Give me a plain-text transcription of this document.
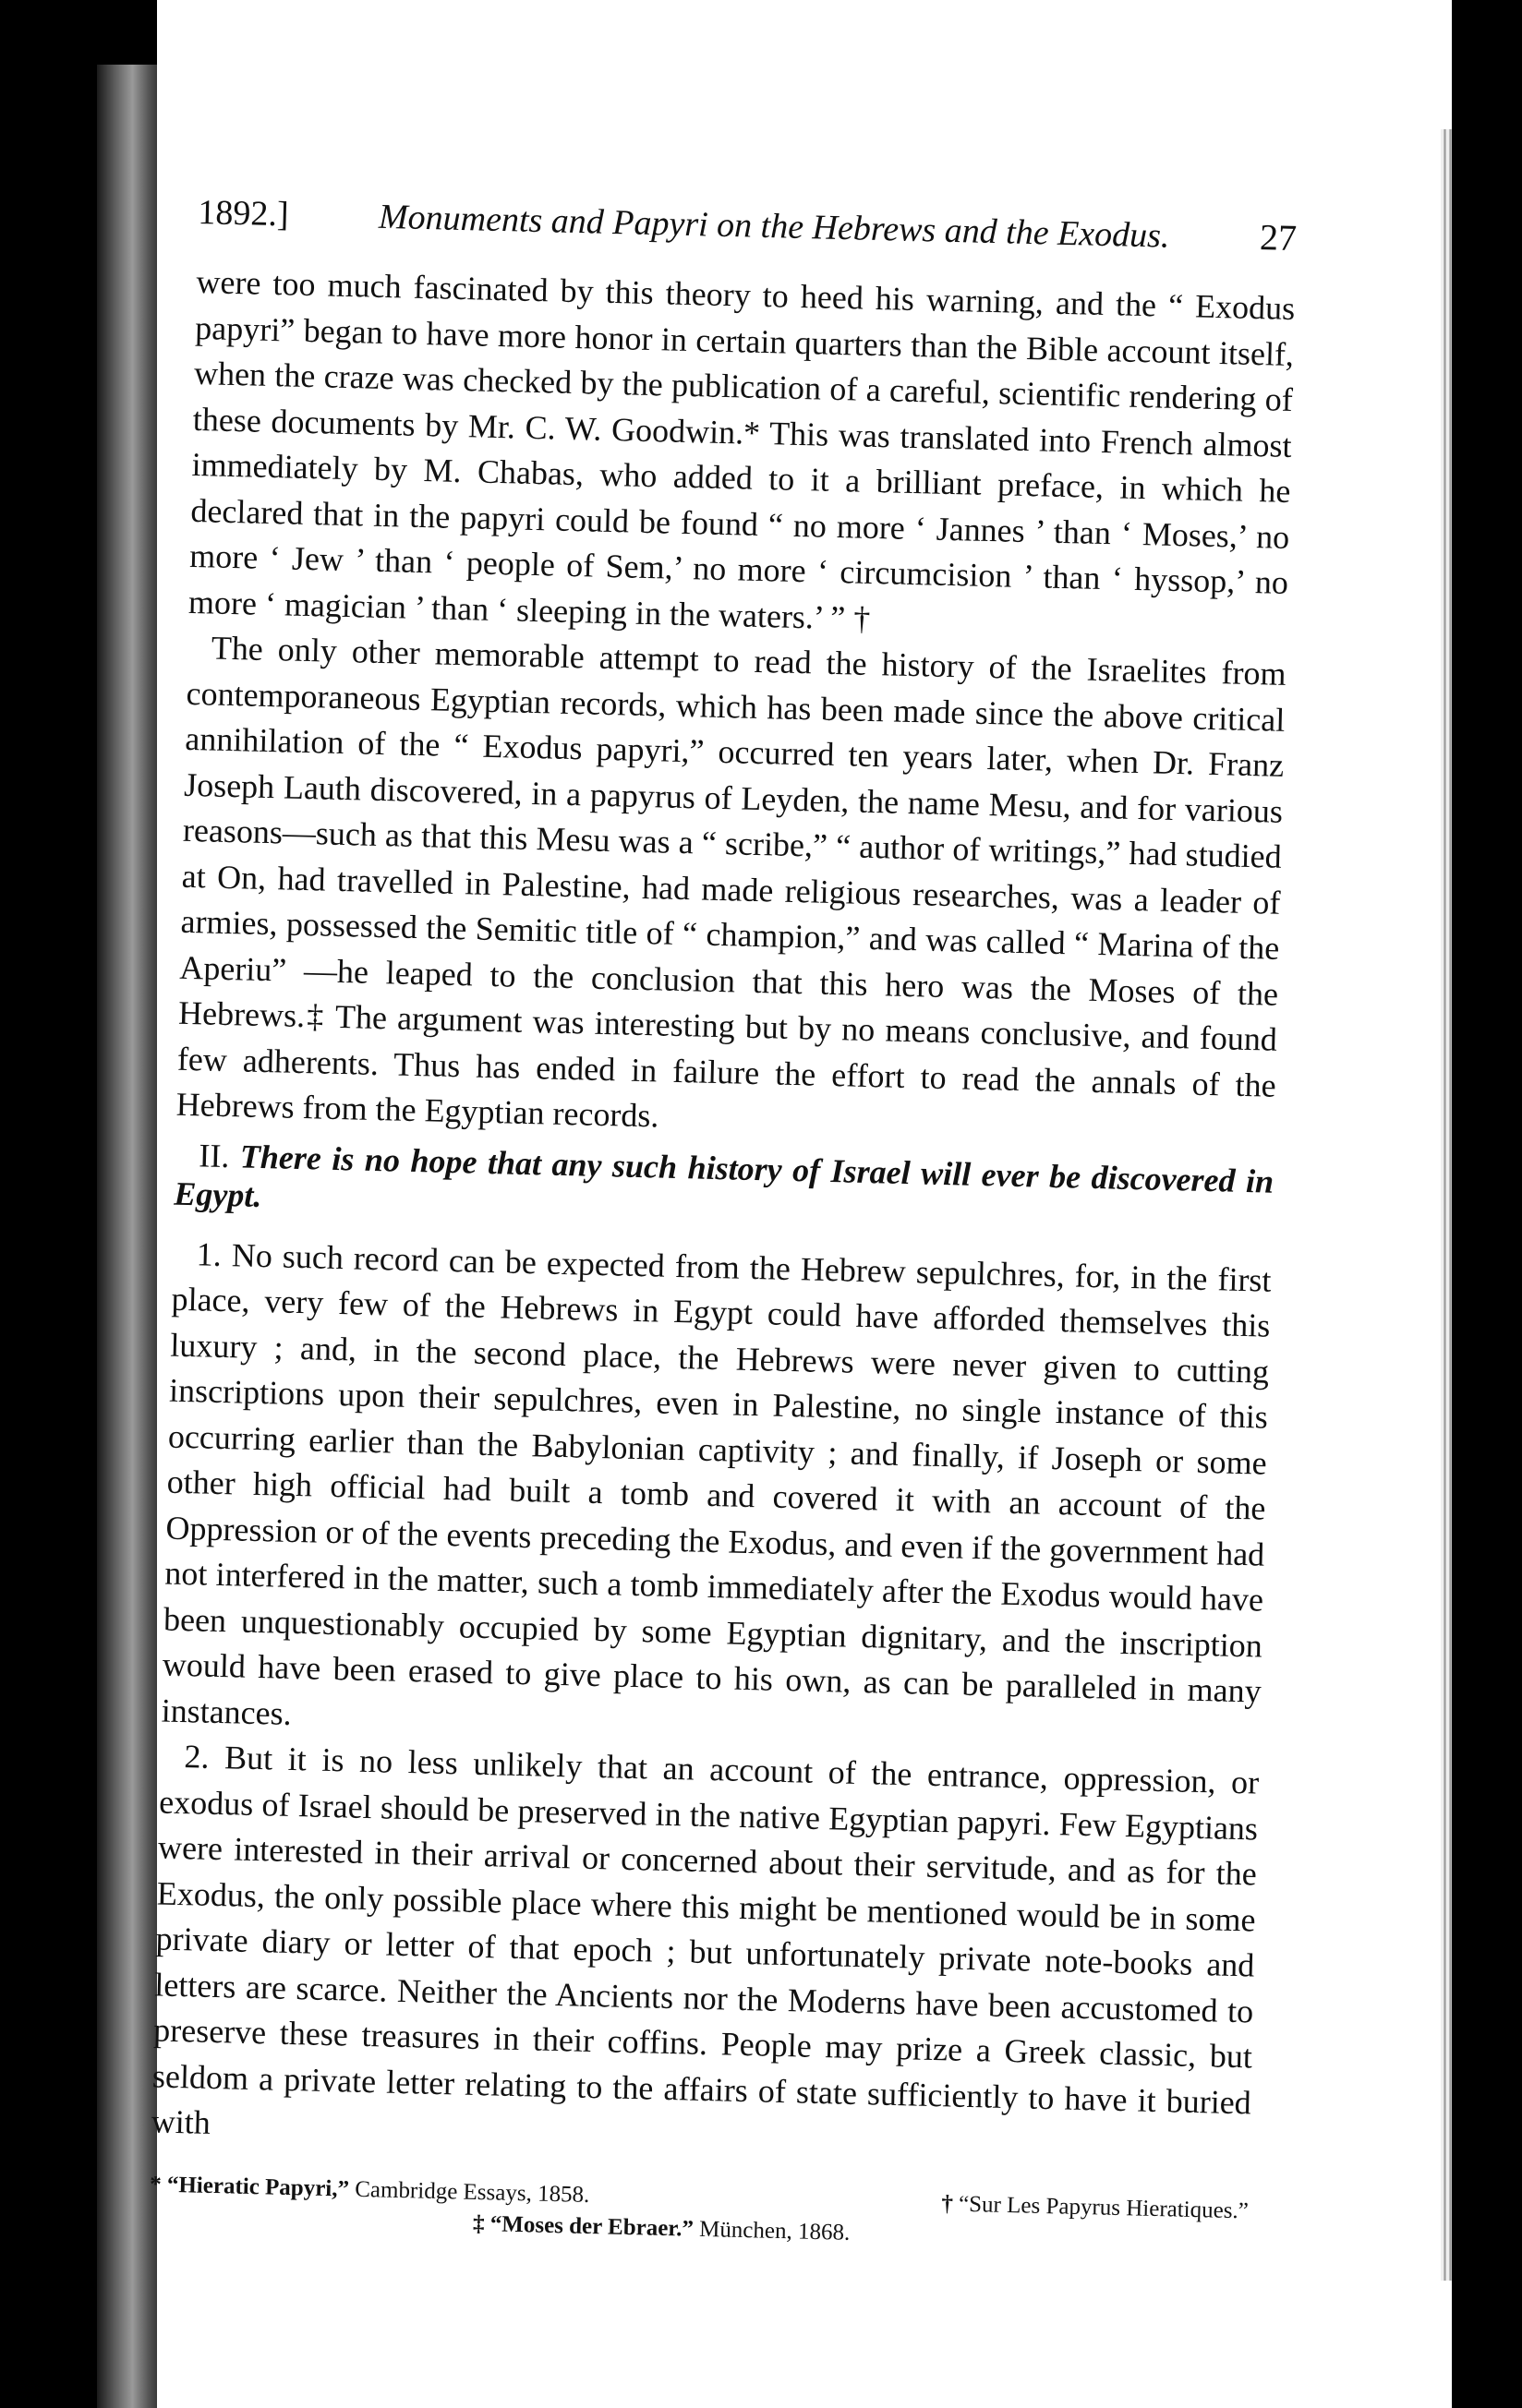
1892.]	Monuments and Papyri on the Hebrews and the Exodus.	27

were too much fascinated by this theory to heed his warning, and the “ Exodus papyri” began to have more honor in certain quarters than the Bible account itself, when the craze was checked by the publication of a careful, scientific rendering of these documents by Mr. C. W. Goodwin.* This was translated into French almost immediately by M. Chabas, who added to it a brilliant preface, in which he declared that in the papyri could be found “ no more ‘ Jannes ’ than ‘ Moses,’ no more ‘ Jew ’ than ‘ people of Sem,’ no more ‘ circumcision ’ than ‘ hyssop,’ no more ‘ magician ’ than ‘ sleeping in the waters.’ ” †

The only other memorable attempt to read the history of the Israelites from contemporaneous Egyptian records, which has been made since the above critical annihilation of the “ Exodus papyri,” occurred ten years later, when Dr. Franz Joseph Lauth discovered, in a papyrus of Leyden, the name Mesu, and for various reasons—such as that this Mesu was a “ scribe,” “ author of writings,” had studied at On, had travelled in Palestine, had made religious researches, was a leader of armies, possessed the Semitic title of “ champion,” and was called “ Marina of the Aperiu” —he leaped to the conclusion that this hero was the Moses of the Hebrews.‡ The argument was interesting but by no means conclusive, and found few adherents. Thus has ended in failure the effort to read the annals of the Hebrews from the Egyptian records.

II. There is no hope that any such history of Israel will ever be discovered in Egypt.

1. No such record can be expected from the Hebrew sepulchres, for, in the first place, very few of the Hebrews in Egypt could have afforded themselves this luxury ; and, in the second place, the Hebrews were never given to cutting inscriptions upon their sepulchres, even in Palestine, no single instance of this occurring earlier than the Babylonian captivity ; and finally, if Joseph or some other high official had built a tomb and covered it with an account of the Oppression or of the events preceding the Exodus, and even if the government had not interfered in the matter, such a tomb immediately after the Exodus would have been unquestionably occupied by some Egyptian dignitary, and the inscription would have been erased to give place to his own, as can be paralleled in many instances.

2. But it is no less unlikely that an account of the entrance, oppression, or exodus of Israel should be preserved in the native Egyptian papyri. Few Egyptians were interested in their arrival or concerned about their servitude, and as for the Exodus, the only possible place where this might be mentioned would be in some private diary or letter of that epoch ; but unfortunately private note-books and letters are scarce. Neither the Ancients nor the Moderns have been accustomed to preserve these treasures in their coffins. People may prize a Greek classic, but seldom a private letter relating to the affairs of state sufficiently to have it buried with

* “Hieratic Papyri,” Cambridge Essays, 1858.	† “Sur Les Papyrus Hieratiques.”
‡ “Moses der Ebraer.” München, 1868.
